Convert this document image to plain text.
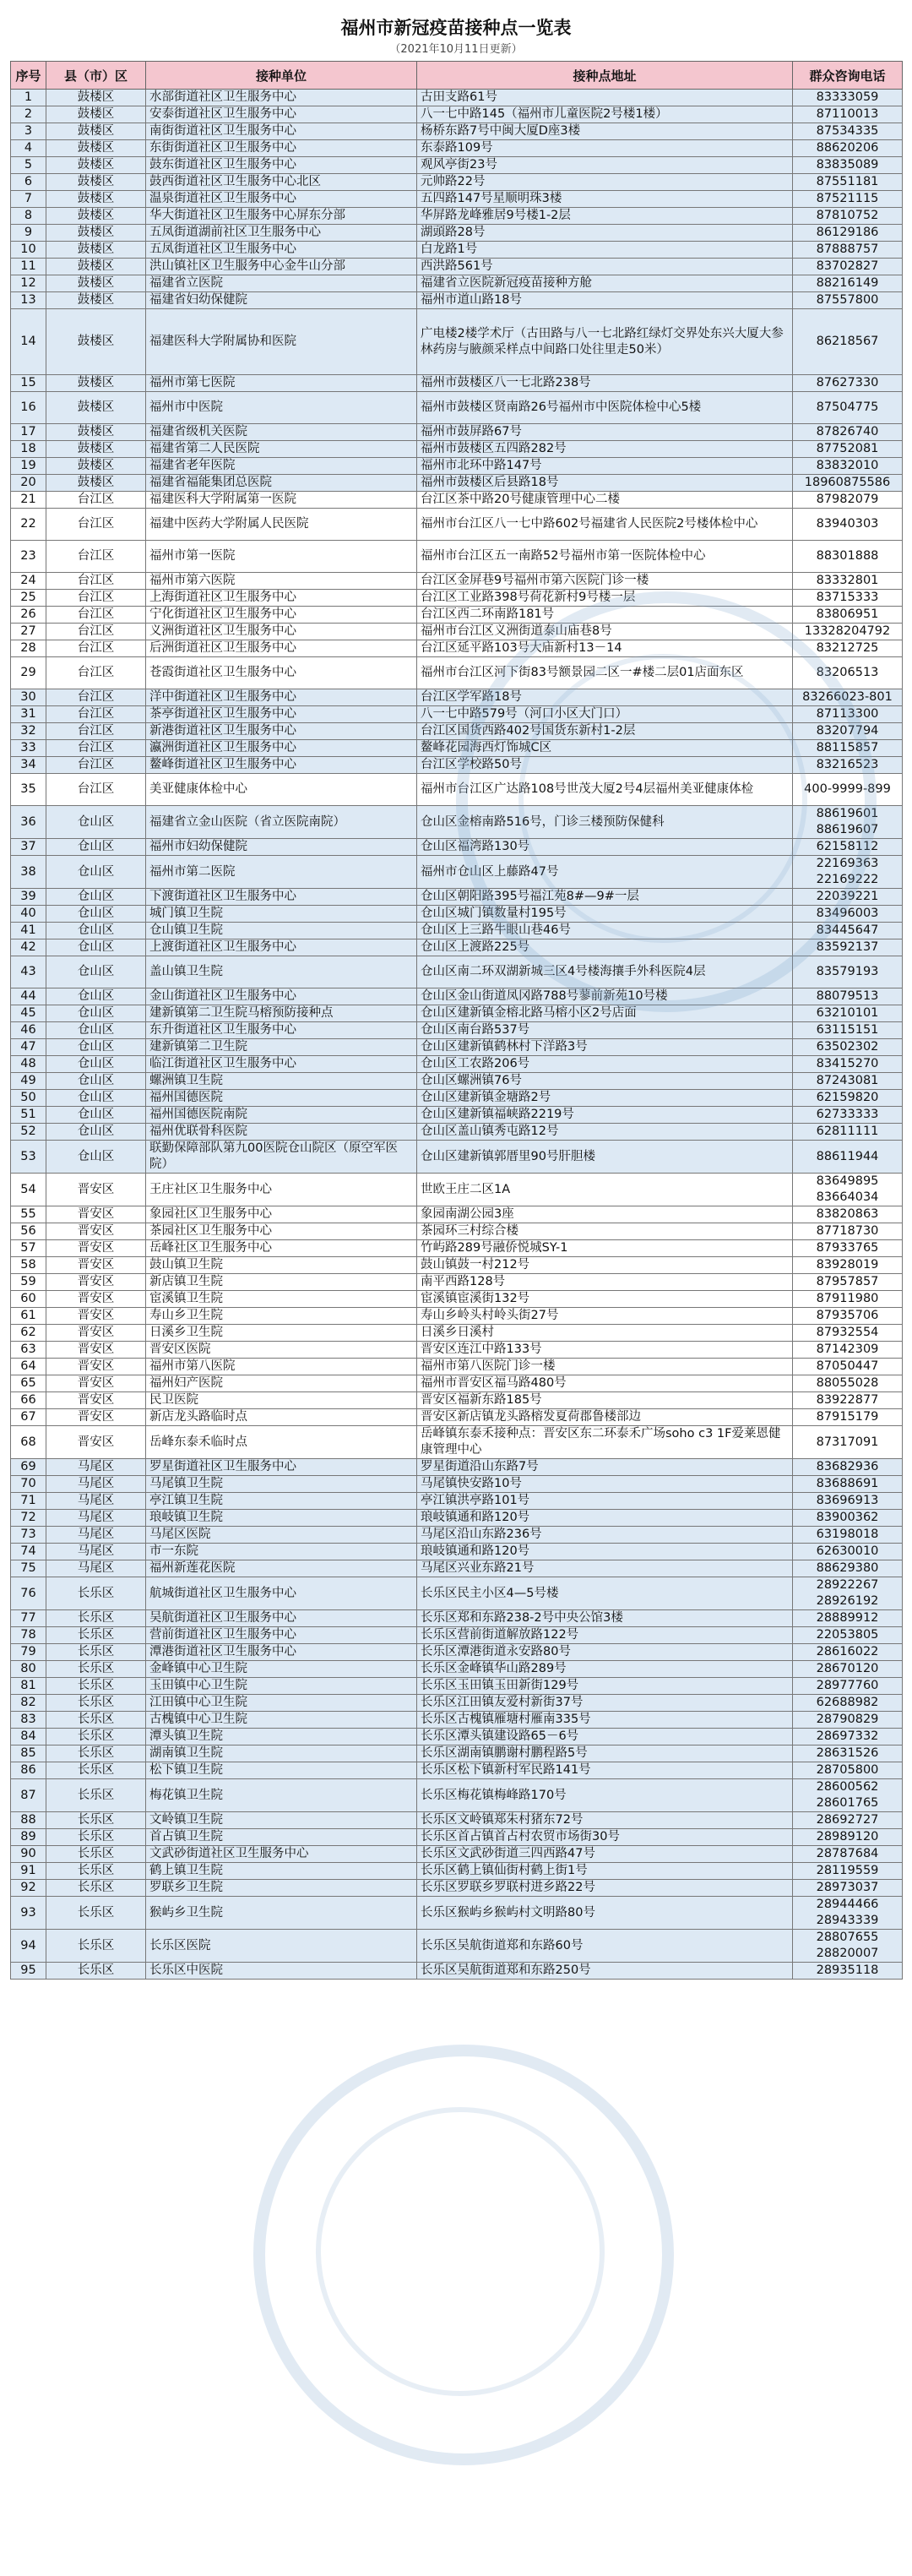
福州市新冠疫苗接种点一览表
（2021年10月11日更新）
序号	县（市）区	接种单位	接种点地址	群众咨询电话
1	鼓楼区	水部街道社区卫生服务中心	古田支路61号	83333059

2	鼓楼区	安泰街道社区卫生服务中心	八一七中路145（福州市儿童医院2号楼1楼）	87110013

3	鼓楼区	南街街道社区卫生服务中心	杨桥东路7号中闽大厦D座3楼	87534335

4	鼓楼区	东街街道社区卫生服务中心	东泰路109号	88620206

5	鼓楼区	鼓东街道社区卫生服务中心	观风亭街23号	83835089

6	鼓楼区	鼓西街道社区卫生服务中心北区	元帅路22号	87551181

7	鼓楼区	温泉街道社区卫生服务中心	五四路147号星顺明珠3楼	87521115

8	鼓楼区	华大街道社区卫生服务中心屏东分部	华屏路龙峰雅居9号楼1-2层	87810752

9	鼓楼区	五凤街道湖前社区卫生服务中心	湖頭路28号	86129186

10	鼓楼区	五凤街道社区卫生服务中心	白龙路1号	87888757

11	鼓楼区	洪山镇社区卫生服务中心金牛山分部	西洪路561号	83702827

12	鼓楼区	福建省立医院	福建省立医院新冠疫苗接种方舱	88216149

13	鼓楼区	福建省妇幼保健院	福州市道山路18号	87557800

14	鼓楼区	福建医科大学附属协和医院	广电楼2楼学术厅（古田路与八一七北路红绿灯交界处东兴大厦大参林药房与腋颜采样点中间路口处往里走50米）	86218567

15	鼓楼区	福州市第七医院	福州市鼓楼区八一七北路238号	87627330

16	鼓楼区	福州市中医院	福州市鼓楼区贤南路26号福州市中医院体检中心5楼	87504775

17	鼓楼区	福建省级机关医院	福州市鼓屏路67号	87826740

18	鼓楼区	福建省第二人民医院	福州市鼓楼区五四路282号	87752081

19	鼓楼区	福建省老年医院	福州市北环中路147号	83832010

20	鼓楼区	福建省福能集团总医院	福州市鼓楼区后县路18号	18960875586

21	台江区	福建医科大学附属第一医院	台江区茶中路20号健康管理中心二楼	87982079

22	台江区	福建中医药大学附属人民医院	福州市台江区八一七中路602号福建省人民医院2号楼体检中心	83940303

23	台江区	福州市第一医院	福州市台江区五一南路52号福州市第一医院体检中心	88301888

24	台江区	福州市第六医院	台江区金屏巷9号福州市第六医院门诊一楼	83332801

25	台江区	上海街道社区卫生服务中心	台江区工业路398号荷花新村9号楼一层	83715333

26	台江区	宁化街道社区卫生服务中心	台江区西二环南路181号	83806951

27	台江区	义洲街道社区卫生服务中心	福州市台江区义洲街道泰山庙巷8号	13328204792

28	台江区	后洲街道社区卫生服务中心	台江区延平路103号大庙新村13－14	83212725

29	台江区	苍霞街道社区卫生服务中心	福州市台江区河下街83号额景园二区一#楼二层01店面东区	83206513

30	台江区	洋中街道社区卫生服务中心	台江区学军路18号	83266023-801

31	台江区	茶亭街道社区卫生服务中心	八一七中路579号（河口小区大门口）	87113300

32	台江区	新港街道社区卫生服务中心	台江区国货西路402号国货东新村1-2层	83207794

33	台江区	瀛洲街道社区卫生服务中心	鳌峰花园海西灯饰城C区	88115857

34	台江区	鳌峰街道社区卫生服务中心	台江区学校路50号	83216523

35	台江区	美亚健康体检中心	福州市台江区广达路108号世茂大厦2号4层福州美亚健康体检	400-9999-899

36	仓山区	福建省立金山医院（省立医院南院）	仓山区金榕南路516号，门诊三楼预防保健科	88619601
88619607

37	仓山区	福州市妇幼保健院	仓山区福湾路130号	62158112

38	仓山区	福州市第二医院	福州市仓山区上藤路47号	22169363
22169222

39	仓山区	下渡街道社区卫生服务中心	仓山区朝阳路395号福江苑8#—9#一层	22039221

40	仓山区	城门镇卫生院	仓山区城门镇数量村195号	83496003

41	仓山区	仓山镇卫生院	仓山区上三路牛眼山巷46号	83445647

42	仓山区	上渡街道社区卫生服务中心	仓山区上渡路225号	83592137

43	仓山区	盖山镇卫生院	仓山区南二环双湖新城三区4号楼海攘手外科医院4层	83579193

44	仓山区	金山街道社区卫生服务中心	仓山区金山街道凤冈路788号蓼前新苑10号楼	88079513

45	仓山区	建新镇第二卫生院马榕预防接种点	仓山区建新镇金榕北路马榕小区2号店面	63210101

46	仓山区	东升街道社区卫生服务中心	仓山区南台路537号	63115151

47	仓山区	建新镇第二卫生院	仓山区建新镇鹤林村下洋路3号	63502302

48	仓山区	临江街道社区卫生服务中心	仓山区工农路206号	83415270

49	仓山区	螺洲镇卫生院	仓山区螺洲镇76号	87243081

50	仓山区	福州国德医院	仓山区建新镇金塘路2号	62159820

51	仓山区	福州国德医院南院	仓山区建新镇福峡路2219号	62733333

52	仓山区	福州优联骨科医院	仓山区盖山镇秀屯路12号	62811111

53	仓山区	联勤保障部队第九00医院仓山院区（原空军医院）	仓山区建新镇郭厝里90号肝胆楼	88611944

54	晋安区	王庄社区卫生服务中心	世欧王庄二区1A	83649895
83664034

55	晋安区	象园社区卫生服务中心	象园南湖公园3座	83820863

56	晋安区	茶园社区卫生服务中心	茶园环三村综合楼	87718730

57	晋安区	岳峰社区卫生服务中心	竹屿路289号融侨悦城SY-1	87933765

58	晋安区	鼓山镇卫生院	鼓山镇鼓一村212号	83928019

59	晋安区	新店镇卫生院	南平西路128号	87957857

60	晋安区	宦溪镇卫生院	宦溪镇宦溪街132号	87911980

61	晋安区	寿山乡卫生院	寿山乡岭头村岭头街27号	87935706

62	晋安区	日溪乡卫生院	日溪乡日溪村	87932554

63	晋安区	晋安区医院	晋安区连江中路133号	87142309

64	晋安区	福州市第八医院	福州市第八医院门诊一楼	87050447

65	晋安区	福州妇产医院	福州市晋安区福马路480号	88055028

66	晋安区	民卫医院	晋安区福新东路185号	83922877

67	晋安区	新店龙头路临时点	晋安区新店镇龙头路榕发夏荷郡鲁楼部边	87915179

68	晋安区	岳峰东泰禾临时点	岳峰镇东泰禾接种点：晋安区东二环泰禾广场soho c3 1F爱莱恩健康管理中心	87317091

69	马尾区	罗星街道社区卫生服务中心	罗星街道沿山东路7号	83682936

70	马尾区	马尾镇卫生院	马尾镇快安路10号	83688691

71	马尾区	亭江镇卫生院	亭江镇洪亭路101号	83696913

72	马尾区	琅岐镇卫生院	琅岐镇通和路120号	83900362

73	马尾区	马尾区医院	马尾区沿山东路236号	63198018

74	马尾区	市一东院	琅岐镇通和路120号	62630010

75	马尾区	福州新莲花医院	马尾区兴业东路21号	88629380

76	长乐区	航城街道社区卫生服务中心	长乐区民主小区4—5号楼	28922267
28926192

77	长乐区	吴航街道社区卫生服务中心	长乐区郑和东路238-2号中央公馆3楼	28889912

78	长乐区	营前街道社区卫生服务中心	长乐区营前街道解放路122号	22053805

79	长乐区	潭港街道社区卫生服务中心	长乐区潭港街道永安路80号	28616022

80	长乐区	金峰镇中心卫生院	长乐区金峰镇华山路289号	28670120

81	长乐区	玉田镇中心卫生院	长乐区玉田镇玉田新街129号	28977760

82	长乐区	江田镇中心卫生院	长乐区江田镇友爱村新街37号	62688982

83	长乐区	古槐镇中心卫生院	长乐区古槐镇雁塘村雁南335号	28790829

84	长乐区	潭头镇卫生院	长乐区潭头镇建设路65－6号	28697332

85	长乐区	湖南镇卫生院	长乐区湖南镇鹏谢村鹏程路5号	28631526

86	长乐区	松下镇卫生院	长乐区松下镇新村军民路141号	28705800

87	长乐区	梅花镇卫生院	长乐区梅花镇梅峰路170号	28600562
28601765

88	长乐区	文岭镇卫生院	长乐区文岭镇郑朱村猪东72号	28692727

89	长乐区	首占镇卫生院	长乐区首占镇首占村农贸市场街30号	28989120

90	长乐区	文武砂街道社区卫生服务中心	长乐区文武砂街道三四西路47号	28787684

91	长乐区	鹤上镇卫生院	长乐区鹤上镇仙街村鹤上街1号	28119559

92	长乐区	罗联乡卫生院	长乐区罗联乡罗联村进乡路22号	28973037

93	长乐区	猴屿乡卫生院	长乐区猴屿乡猴屿村文明路80号	28944466
28943339

94	长乐区	长乐区医院	长乐区吴航街道郑和东路60号	28807655
28820007

95	长乐区	长乐区中医院	长乐区吴航街道郑和东路250号	28935118
